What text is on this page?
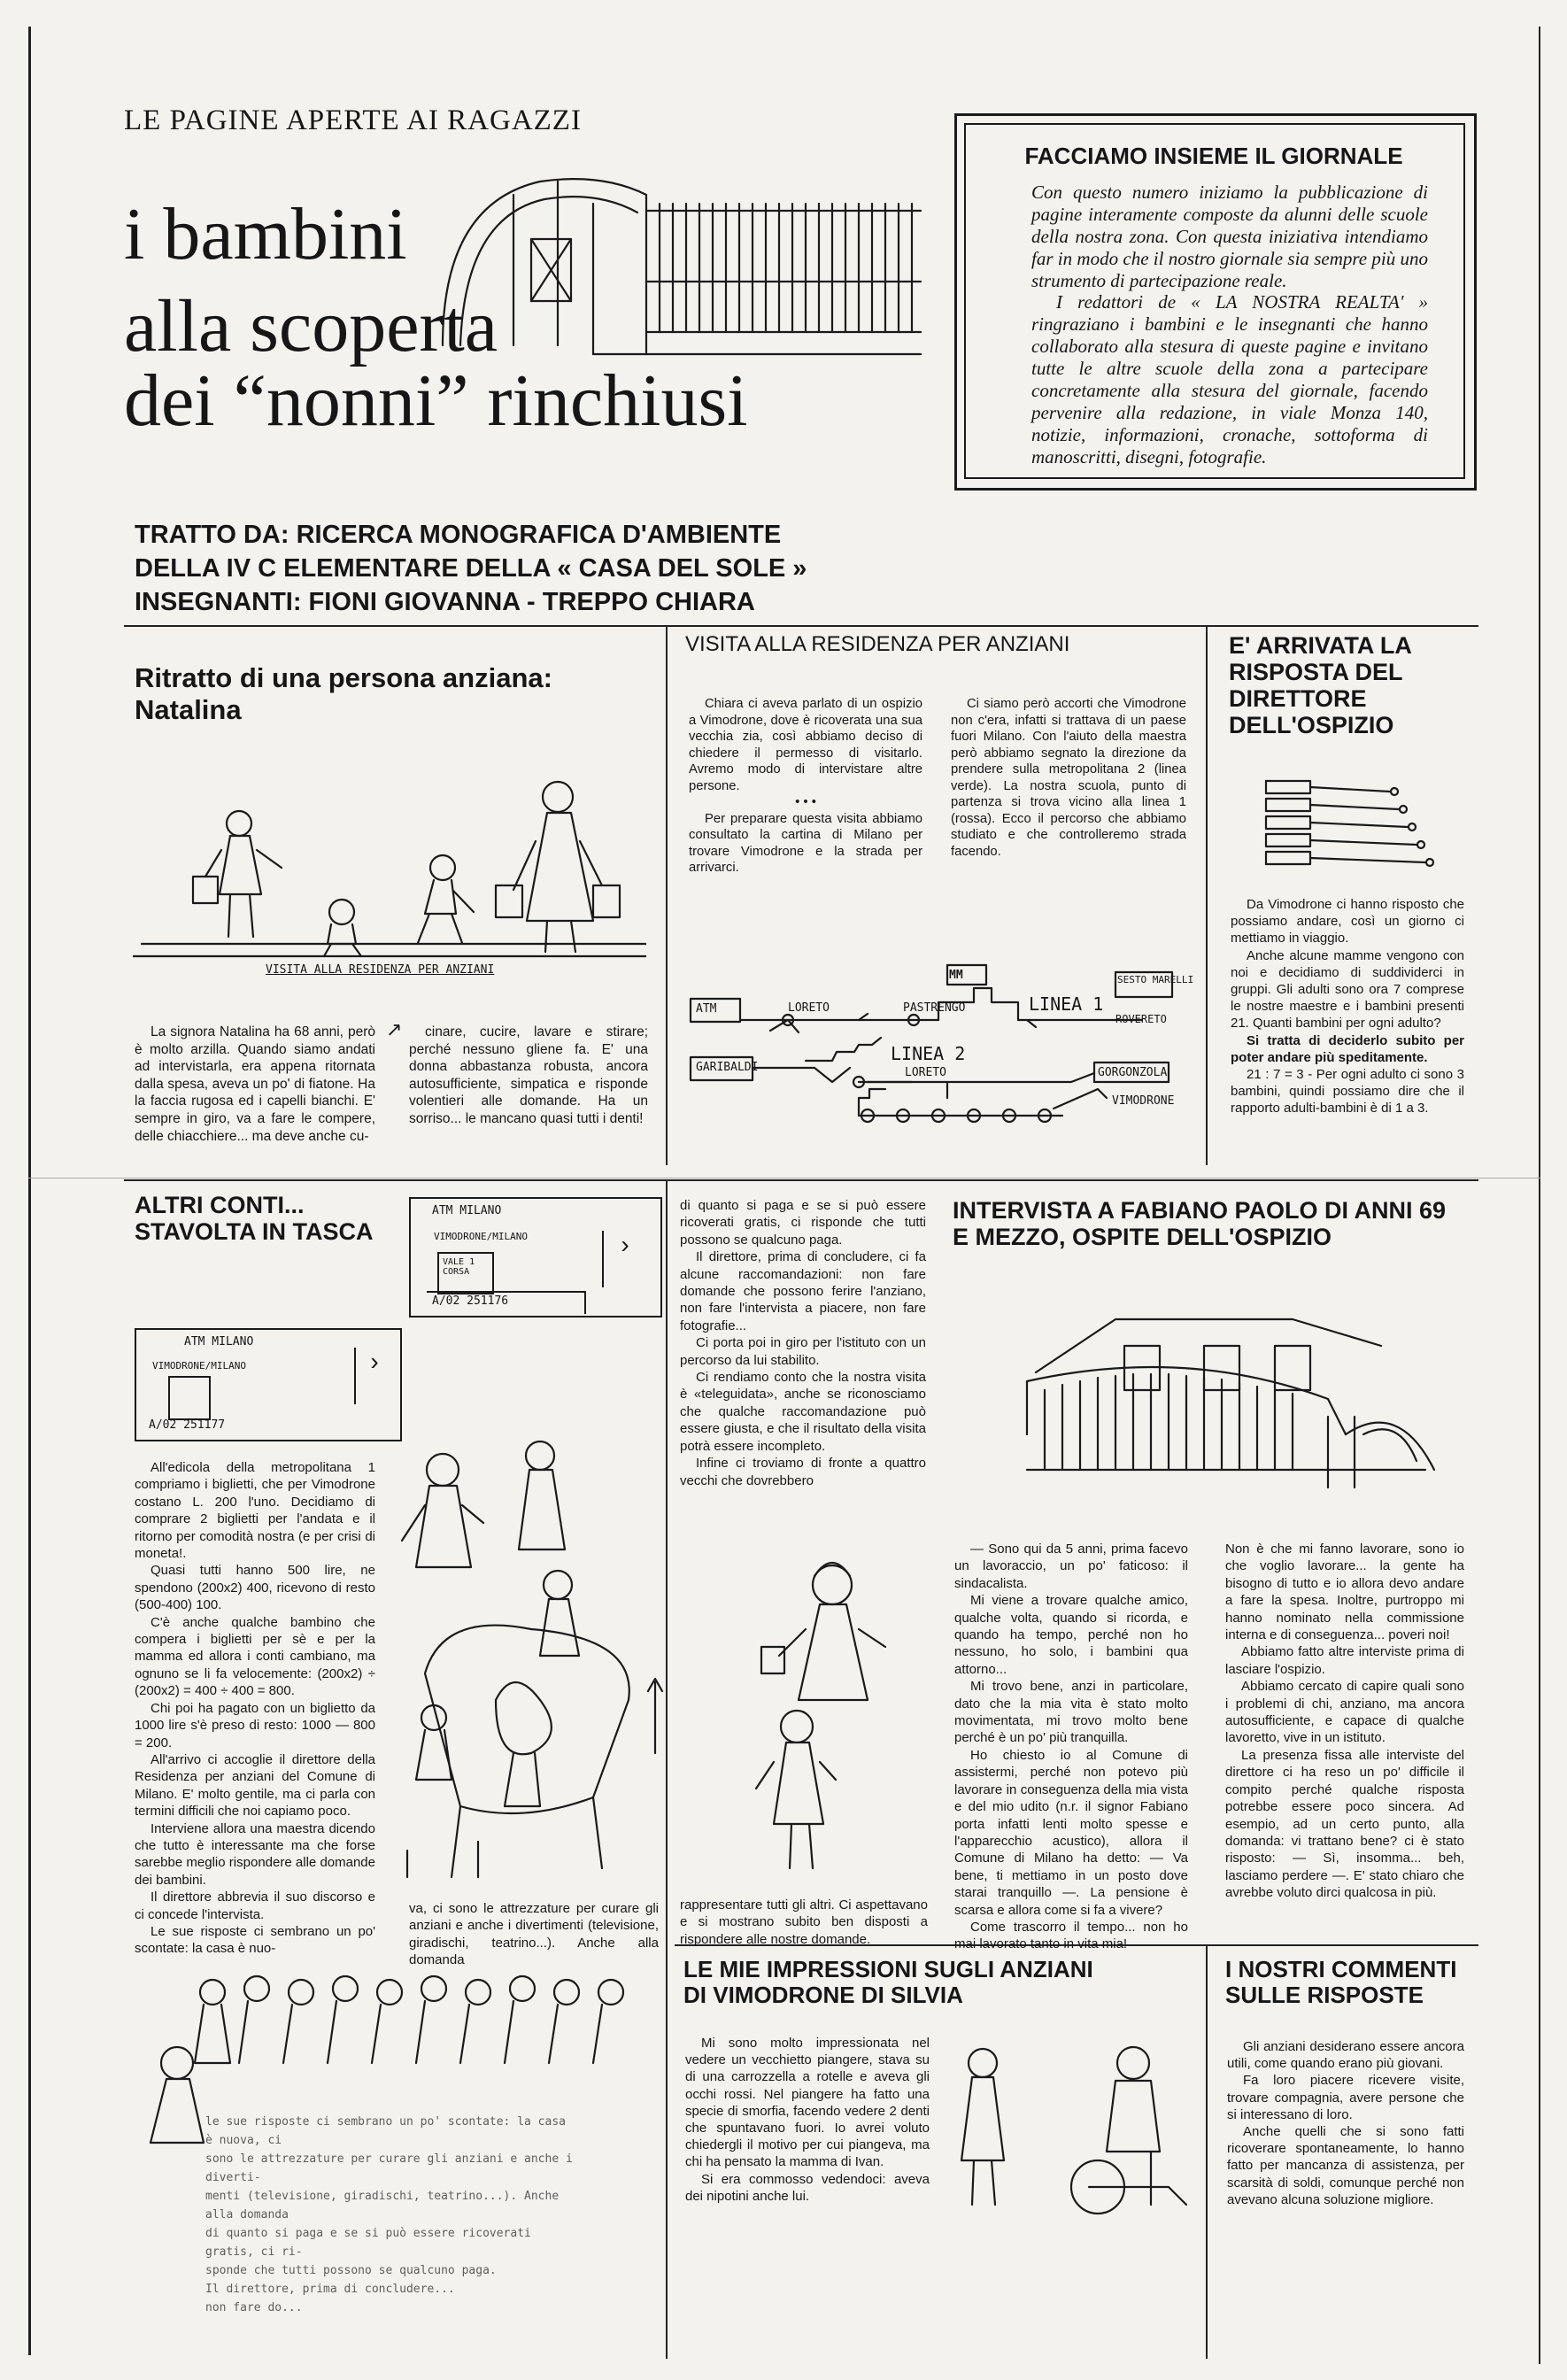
LE PAGINE APERTE AI RAGAZZI
i bambini
alla scoperta
dei “nonni” rinchiusi
FACCIAMO INSIEME IL GIORNALE
Con questo numero iniziamo la pubblicazione di pagine interamente composte da alunni delle scuole della nostra zona. Con questa iniziativa intendiamo far in modo che il nostro giornale sia sempre più uno strumento di partecipazione reale.
I redattori de « LA NOSTRA REALTA' » ringraziano i bambini e le insegnanti che hanno collaborato alla stesura di queste pagine e invitano tutte le altre scuole della zona a partecipare concretamente alla stesura del giornale, facendo pervenire alla redazione, in viale Monza 140, notizie, informazioni, cronache, sottoforma di manoscritti, disegni, fotografie.
TRATTO DA: RICERCA MONOGRAFICA D'AMBIENTE
DELLA IV C ELEMENTARE DELLA « CASA DEL SOLE »
INSEGNANTI: FIONI GIOVANNA - TREPPO CHIARA
Ritratto di una persona anziana: Natalina
VISITA ALLA RESIDENZA PER ANZIANI

La signora Natalina ha 68 anni, però è molto arzilla. Quando siamo andati ad intervistarla, era appena ritornata dalla spesa, aveva un po' di fiatone. Ha la faccia rugosa ed i capelli bianchi. E' sempre in giro, va a fare le compere, delle chiacchiere... ma deve anche cu-

↗	cinare, cucire, lavare e stirare; perché nessuno gliene fa. E' una donna abbastanza robusta, ancora autosufficiente, simpatica e risponde volentieri alle domande. Ha un sorriso... le mancano quasi tutti i denti!

VISITA ALLA RESIDENZA PER ANZIANI

Chiara ci aveva parlato di un ospizio a Vimodrone, dove è ricoverata una sua vecchia zia, così abbiamo deciso di chiedere il permesso di visitarlo. Avremo modo di intervistare altre persone.

• • •

Per preparare questa visita abbiamo consultato la cartina di Milano per trovare Vimodrone e la strada per arrivarci.

Ci siamo però accorti che Vimodrone non c'era, infatti si trattava di un paese fuori Milano. Con l'aiuto della maestra però abbiamo segnato la direzione da prendere sulla metropolitana 2 (linea verde). La nostra scuola, punto di partenza si trova vicino alla linea 1 (rossa). Ecco il percorso che abbiamo studiato e che controlleremo strada facendo.

MM
ATM	LORETO	PASTRENGO	LINEA 1
SESTO MARELLI
ROVERETO
GARIBALDI
LINEA 2
LORETO	GORGONZOLA
VIMODRONE
E' ARRIVATA LA RISPOSTA DEL DIRETTORE DELL'OSPIZIO

Da Vimodrone ci hanno risposto che possiamo andare, così un giorno ci mettiamo in viaggio.

Anche alcune mamme vengono con noi e decidiamo di suddividerci in gruppi. Gli adulti sono ora 7 comprese le nostre maestre e i bambini presenti 21. Quanti bambini per ogni adulto?

Si tratta di deciderlo subito per poter andare più speditamente.

21 : 7 = 3 - Per ogni adulto ci sono 3 bambini, quindi possiamo dire che il rapporto adulti-bambini è di 1 a 3.

ALTRI CONTI... STAVOLTA IN TASCA
ATM MILANO
VIMODRONE/MILANO
VALE 1 CORSA
A/02 251176
›
ATM MILANO
VIMODRONE/MILANO
A/02 251177
›

All'edicola della metropolitana 1 compriamo i biglietti, che per Vimodrone costano L. 200 l'uno. Decidiamo di comprare 2 biglietti per l'andata e il ritorno per comodità nostra (e per crisi di moneta!.

Quasi tutti hanno 500 lire, ne spendono (200x2) 400, ricevono di resto (500-400) 100.

C'è anche qualche bambino che compera i biglietti per sè e per la mamma ed allora i conti cambiano, ma ognuno se li fa velocemente: (200x2) ÷ (200x2) = 400 ÷ 400 = 800.

Chi poi ha pagato con un biglietto da 1000 lire s'è preso di resto: 1000 — 800 = 200.

All'arrivo ci accoglie il direttore della Residenza per anziani del Comune di Milano. E' molto gentile, ma ci parla con termini difficili che noi capiamo poco.

Interviene allora una maestra dicendo che tutto è interessante ma che forse sarebbe meglio rispondere alle domande dei bambini.

Il direttore abbrevia il suo discorso e ci concede l'intervista.

Le sue risposte ci sembrano un po' scontate: la casa è nuo-

va, ci sono le attrezzature per curare gli anziani e anche i divertimenti (televisione, giradischi, teatrino...). Anche alla domanda

di quanto si paga e se si può essere ricoverati gratis, ci risponde che tutti possono se qualcuno paga.

Il direttore, prima di concludere, ci fa alcune raccomandazioni: non fare domande che possono ferire l'anziano, non fare l'intervista a piacere, non fare fotografie...

Ci porta poi in giro per l'istituto con un percorso da lui stabilito.

Ci rendiamo conto che la nostra visita è «teleguidata», anche se riconosciamo che qualche raccomandazione può essere giusta, e che il risultato della visita potrà essere incompleto.

Infine ci troviamo di fronte a quattro vecchi che dovrebbero

rappresentare tutti gli altri. Ci aspettavano e si mostrano subito ben disposti a rispondere alle nostre domande.

INTERVISTA A FABIANO PAOLO DI ANNI 69 E MEZZO, OSPITE DELL'OSPIZIO

— Sono qui da 5 anni, prima facevo un lavoraccio, un po' faticoso: il sindacalista.

Mi viene a trovare qualche amico, qualche volta, quando si ricorda, e quando ha tempo, perché non ho nessuno, ho solo, i bambini qua attorno...

Mi trovo bene, anzi in particolare, dato che la mia vita è stato molto movimentata, mi trovo molto bene perché è un po' più tranquilla.

Ho chiesto io al Comune di assistermi, perché non potevo più lavorare in conseguenza della mia vista e del mio udito (n.r. il signor Fabiano porta infatti lenti molto spesse e l'apparecchio acustico), allora il Comune di Milano ha detto: — Va bene, ti mettiamo in un posto dove starai tranquillo —. La pensione è scarsa e allora come si fa a vivere?

Come trascorro il tempo... non ho mai lavorato tanto in vita mia!

Non è che mi fanno lavorare, sono io che voglio lavorare... la gente ha bisogno di tutto e io allora devo andare a fare la spesa. Inoltre, purtroppo mi hanno nominato nella commissione interna e di conseguenza... poveri noi!

Abbiamo fatto altre interviste prima di lasciare l'ospizio.

Abbiamo cercato di capire quali sono i problemi di chi, anziano, ma ancora autosufficiente, e capace di qualche lavoretto, vive in un istituto.

La presenza fissa alle interviste del direttore ci ha reso un po' difficile il compito perché qualche risposta potrebbe essere poco sincera. Ad esempio, ad un certo punto, alla domanda: vi trattano bene? ci è stato risposto: — Sì, insomma... beh, lasciamo perdere —. E' stato chiaro che avrebbe voluto dirci qualcosa in più.

LE MIE IMPRESSIONI SUGLI ANZIANI DI VIMODRONE DI SILVIA

Mi sono molto impressionata nel vedere un vecchietto piangere, stava su di una carrozzella a rotelle e aveva gli occhi rossi. Nel piangere ha fatto una specie di smorfia, facendo vedere 2 denti che spuntavano fuori. Io avrei voluto chiedergli il motivo per cui piangeva, ma chi ha pensato la mamma di Ivan.

Si era commosso vedendoci: aveva dei nipotini anche lui.

I NOSTRI COMMENTI SULLE RISPOSTE

Gli anziani desiderano essere ancora utili, come quando erano più giovani.

Fa loro piacere ricevere visite, trovare compagnia, avere persone che si interessano di loro.

Anche quelli che si sono fatti ricoverare spontaneamente, lo hanno fatto per mancanza di assistenza, per scarsità di soldi, comunque perché non avevano alcuna soluzione migliore.

le sue risposte ci sembrano un po' scontate: la casa è nuova, ci
sono le attrezzature per curare gli anziani e anche i diverti-
menti (televisione, giradischi, teatrino...). Anche alla domanda
di quanto si paga e se si può essere ricoverati gratis, ci ri-
sponde che tutti possono se qualcuno paga.
Il direttore, prima di concludere...
non fare do...
